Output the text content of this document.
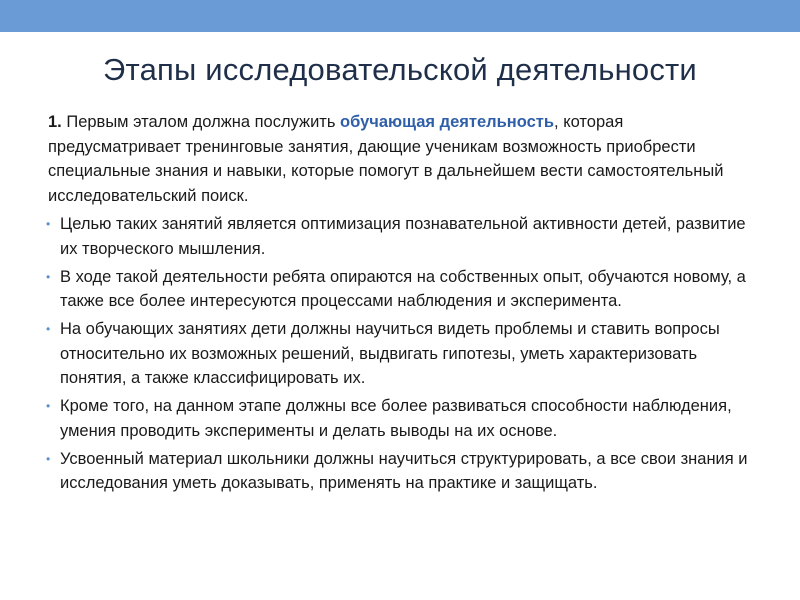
Этапы исследовательской деятельности

1. Первым эталом должна послужить обучающая деятельность, которая предусматривает тренинговые занятия, дающие ученикам возможность приобрести специальные знания и навыки, которые помогут в дальнейшем вести самостоятельный исследовательский поиск.

• Целью таких занятий является оптимизация познавательной активности детей, развитие их творческого мышления.
• В ходе такой деятельности ребята опираются на собственных опыт, обучаются новому, а также все более интересуются процессами наблюдения и эксперимента.
• На обучающих занятиях дети должны научиться видеть проблемы и ставить вопросы относительно их возможных решений, выдвигать гипотезы, уметь характеризовать понятия, а также классифицировать их.
• Кроме того, на данном этапе должны все более развиваться способности наблюдения, умения проводить эксперименты и делать выводы на их основе.
• Усвоенный материал школьники должны научиться структурировать, а все свои знания и исследования уметь доказывать, применять на практике и защищать.
